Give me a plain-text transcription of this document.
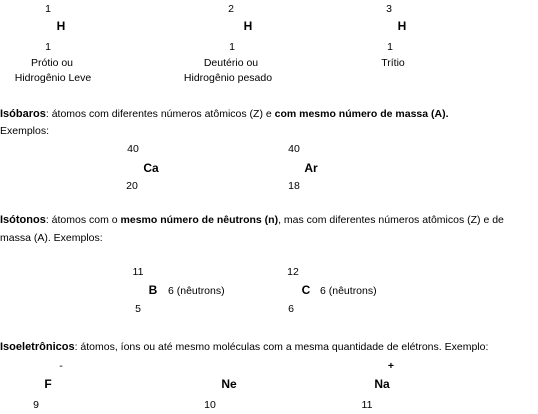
1
H
1
Prótio ou
Hidrogênio Leve
2
H
1
Deutério ou
Hidrogênio pesado
3
H
1
Trítio
Isóbaros: átomos com diferentes números atômicos (Z) e com mesmo número de massa (A).
Exemplos:
40
Ca
20
40
Ar
18
Isótonos: átomos com o mesmo número de nêutrons (n), mas com diferentes números atômicos (Z) e de
massa (A). Exemplos:
11
B 6 (nêutrons)
5
12
C 6 (nêutrons)
6
Isoeletrônicos: átomos, íons ou até mesmo moléculas com a mesma quantidade de elétrons. Exemplo:
-
F
9
Ne
10
+
Na
11
